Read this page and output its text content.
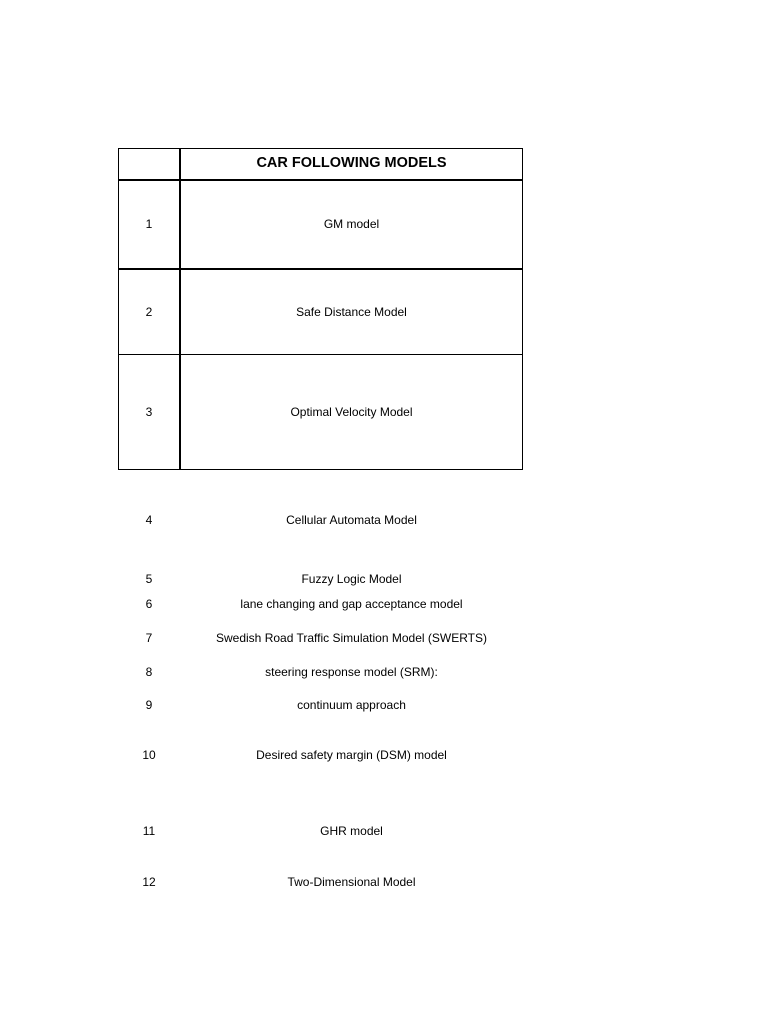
CAR FOLLOWING MODELS
1	GM model
2	Safe Distance Model
3	Optimal Velocity Model
4	Cellular Automata Model
5	Fuzzy Logic Model
6	lane changing and gap acceptance model
7	Swedish Road Traffic Simulation Model (SWERTS)
8	steering response model (SRM):
9	continuum approach
10	Desired safety margin (DSM) model
11	GHR model
12	Two-Dimensional Model
